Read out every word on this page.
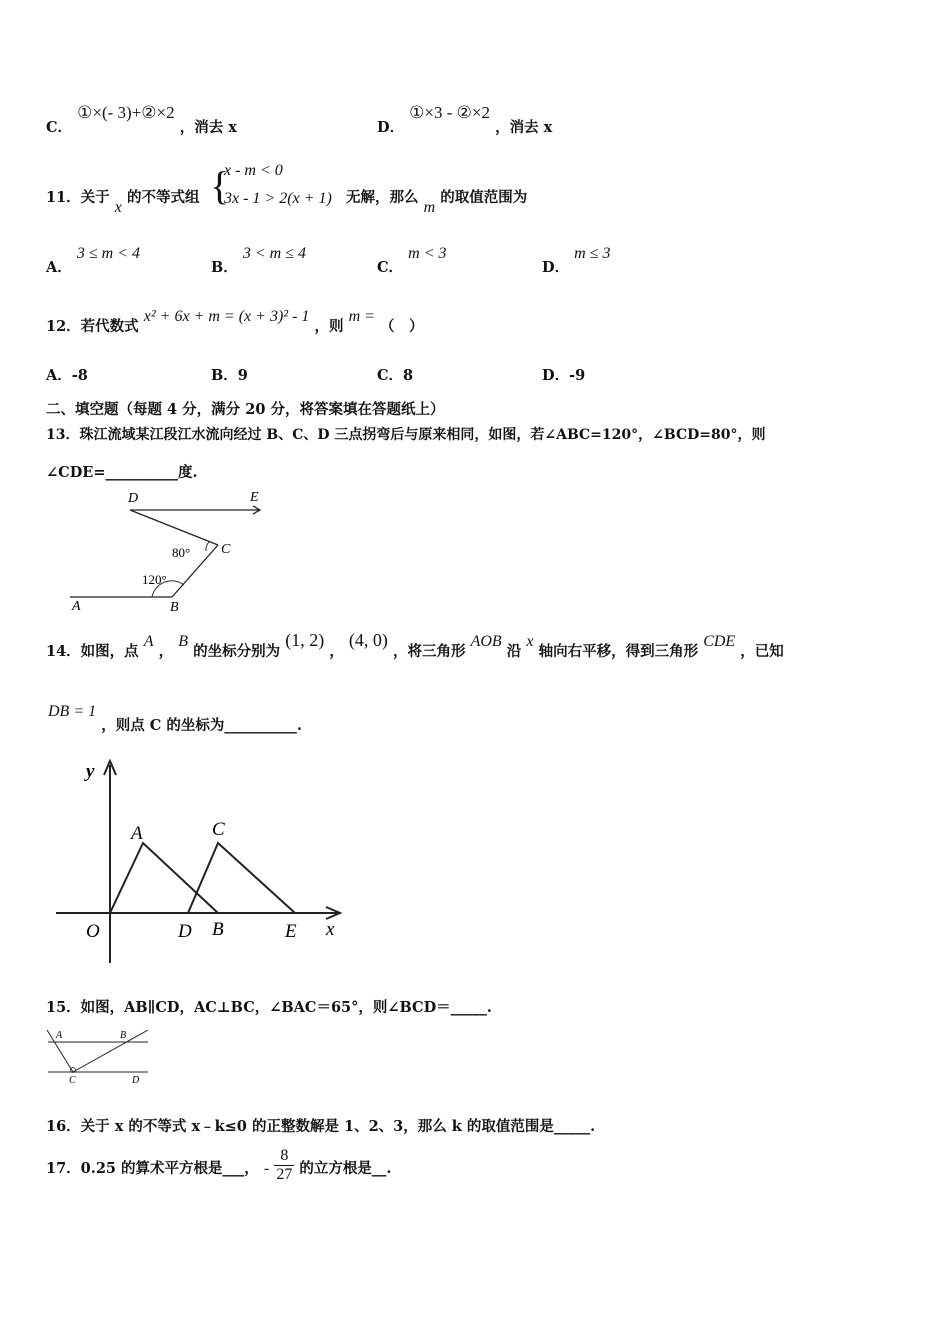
C． ①×(- 3)+②×2 ，消去 x	D． ①×3 - ②×2 ，消去 x
11．关于 x 的不等式组 {
x - m < 0
3x - 1 > 2(x + 1) 无解，那么 m 的取值范围为
A． 3 ≤ m < 4
B． 3 < m ≤ 4
C． m < 3
D． m ≤ 3
12．若代数式 x² + 6x + m = (x + 3)² - 1 ，则 m = （　）
A．-8	B．9	C．8	D．-9
二、填空题（每题 4 分，满分 20 分，将答案填在答题纸上）
13．珠江流域某江段江水流向经过 B、C、D 三点拐弯后与原来相同，如图，若∠ABC=120°，∠BCD=80°，则
∠CDE=__________度.
D	E
C
80°
120°
A	B
14．如图，点 A ， B 的坐标分别为 (1, 2) ， (4, 0) ，将三角形 AOB 沿 x 轴向右平移，得到三角形 CDE ，已知
DB = 1 ，则点 C 的坐标为__________.
y
x
O
A	C
D B	E
15．如图，AB∥CD，AC⊥BC，∠BAC＝65°，则∠BCD＝_____.
A	B
C	D
16．关于 x 的不等式 x﹣k≤0 的正整数解是 1、2、3，那么 k 的取值范围是_____.
17．0.25 的算术平方根是___， - $\frac{8}{27}$ 的立方根是__.
